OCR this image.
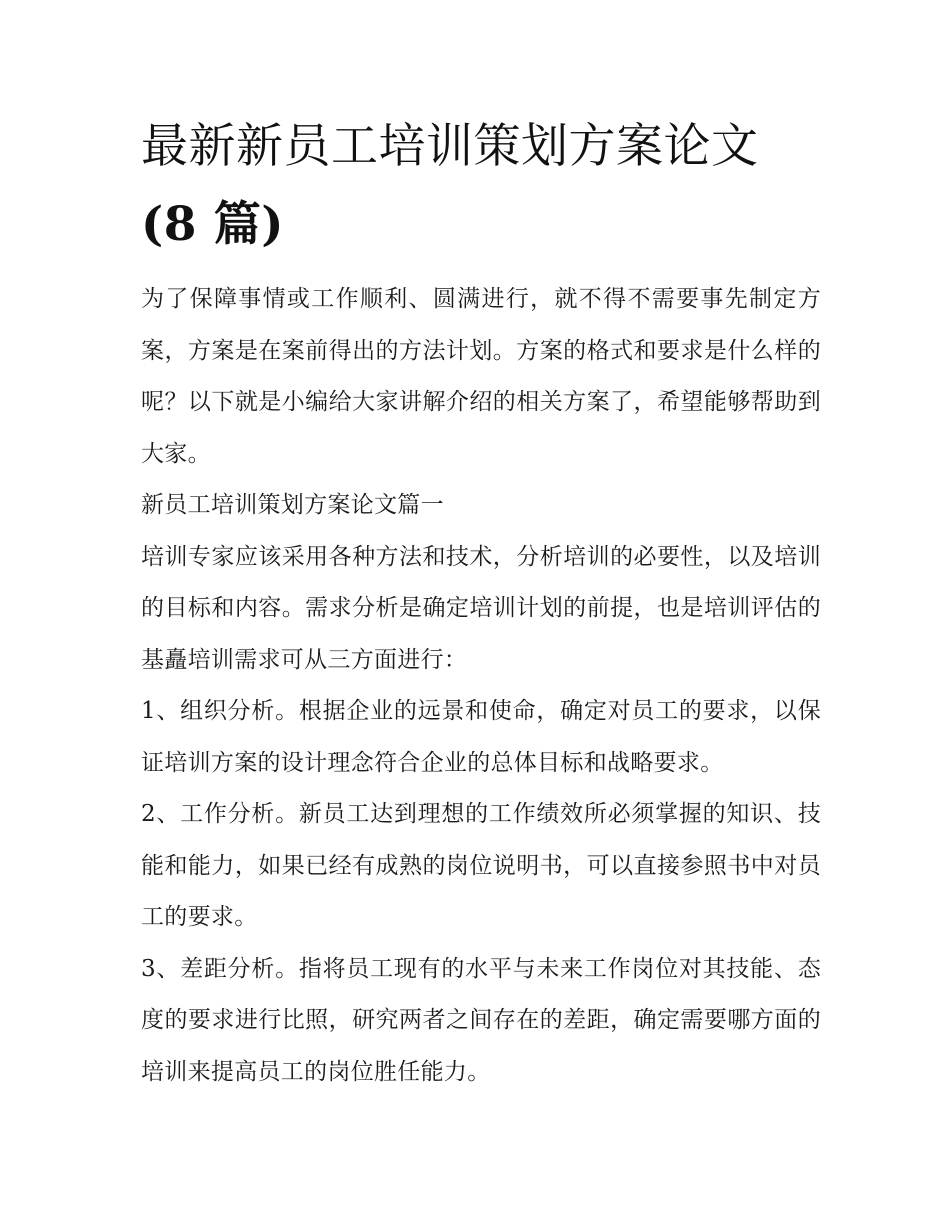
最新新员工培训策划方案论文
(8 篇)

为了保障事情或工作顺利、圆满进行，就不得不需要事先制定方案，方案是在案前得出的方法计划。方案的格式和要求是什么样的呢？以下就是小编给大家讲解介绍的相关方案了，希望能够帮助到大家。

新员工培训策划方案论文篇一

培训专家应该采用各种方法和技术，分析培训的必要性，以及培训的目标和内容。需求分析是确定培训计划的前提，也是培训评估的基矗培训需求可从三方面进行：

1、组织分析。根据企业的远景和使命，确定对员工的要求，以保证培训方案的设计理念符合企业的总体目标和战略要求。

2、工作分析。新员工达到理想的工作绩效所必须掌握的知识、技能和能力，如果已经有成熟的岗位说明书，可以直接参照书中对员工的要求。

3、差距分析。指将员工现有的水平与未来工作岗位对其技能、态度的要求进行比照，研究两者之间存在的差距，确定需要哪方面的培训来提高员工的岗位胜任能力。
